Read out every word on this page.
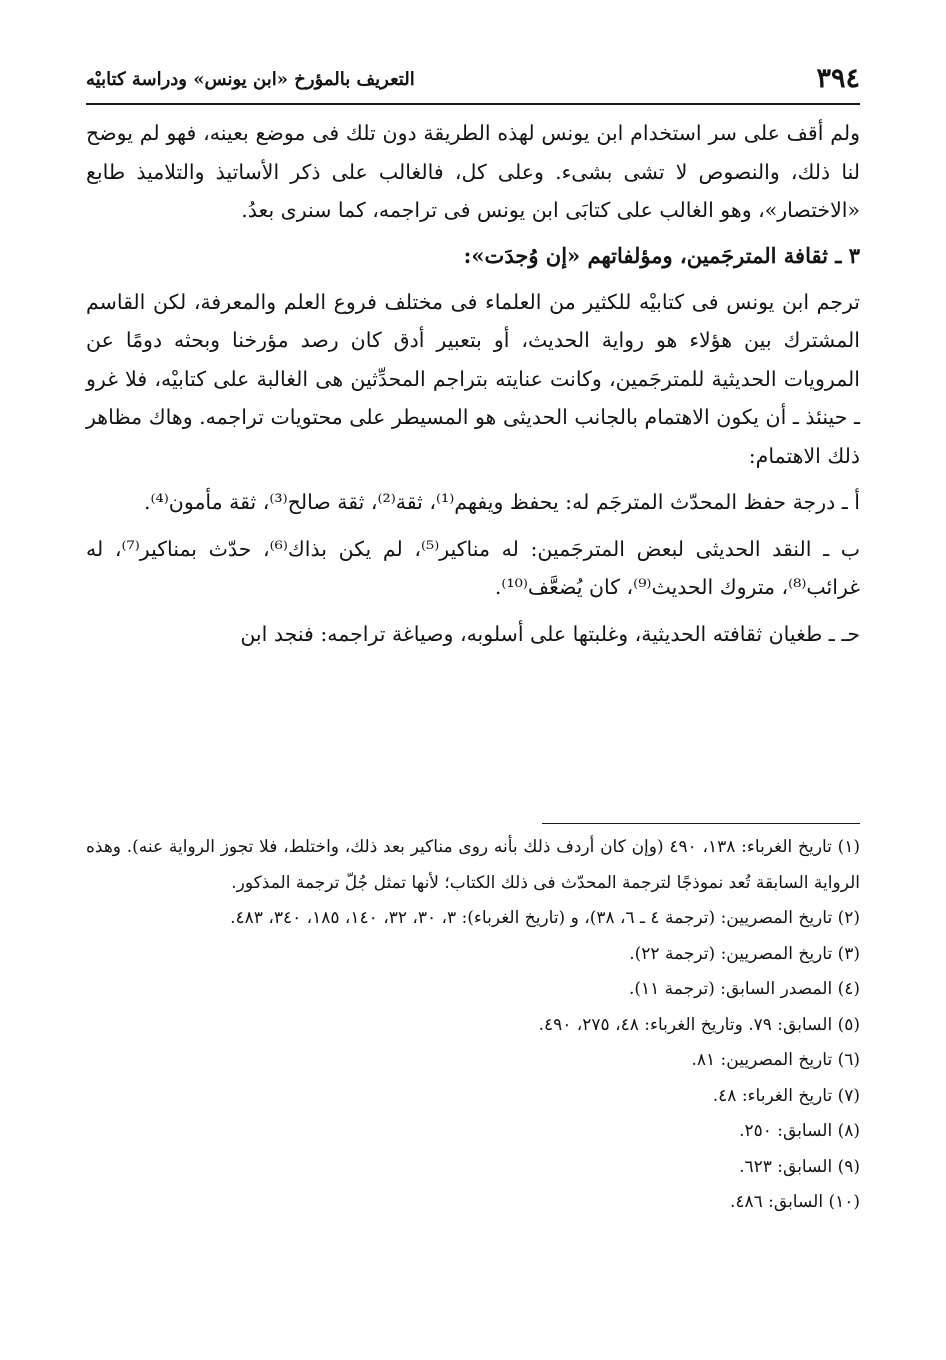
٣٩٤
التعريف بالمؤرخ «ابن يونس» ودراسة كتابيْه

ولم أقف على سر استخدام ابن يونس لهذه الطريقة دون تلك فى موضع بعينه، فهو لم يوضح لنا ذلك، والنصوص لا تشى بشىء. وعلى كل، فالغالب على ذكر الأساتيذ والتلاميذ طابع «الاختصار»، وهو الغالب على كتابَى ابن يونس فى تراجمه، كما سنرى بعدُ.

٣ ـ ثقافة المترجَمين، ومؤلفاتهم «إن وُجدَت»:

ترجم ابن يونس فى كتابيْه للكثير من العلماء فى مختلف فروع العلم والمعرفة، لكن القاسم المشترك بين هؤلاء هو رواية الحديث، أو بتعبير أدق كان رصد مؤرخنا وبحثه دومًا عن المرويات الحديثية للمترجَمين، وكانت عنايته بتراجم المحدِّثين هى الغالبة على كتابيْه، فلا غرو ـ حينئذ ـ أن يكون الاهتمام بالجانب الحديثى هو المسيطر على محتويات تراجمه. وهاك مظاهر ذلك الاهتمام:

أ ـ درجة حفظ المحدّث المترجَم له: يحفظ ويفهم⁽¹⁾، ثقة⁽²⁾، ثقة صالح⁽³⁾، ثقة مأمون⁽⁴⁾.

ب ـ النقد الحديثى لبعض المترجَمين: له مناكير⁽⁵⁾، لم يكن بذاك⁽⁶⁾، حدّث بمناكير⁽⁷⁾، له غرائب⁽⁸⁾، متروك الحديث⁽⁹⁾، كان يُضعَّف⁽¹⁰⁾.

حـ ـ طغيان ثقافته الحديثية، وغلبتها على أسلوبه، وصياغة تراجمه: فنجد ابن

(١) تاريخ الغرباء: ١٣٨، ٤٩٠ (وإن كان أردف ذلك بأنه روى مناكير بعد ذلك، واختلط، فلا تجوز الرواية عنه). وهذه الرواية السابقة تُعد نموذجًا لترجمة المحدّث فى ذلك الكتاب؛ لأنها تمثل جُلّ ترجمة المذكور.

(٢) تاريخ المصريين: (ترجمة ٤ ـ ٦، ٣٨)، و (تاريخ الغرباء): ٣، ٣٠، ٣٢، ١٤٠، ١٨٥، ٣٤٠، ٤٨٣.

(٣) تاريخ المصريين: (ترجمة ٢٢).

(٤) المصدر السابق: (ترجمة ١١).

(٥) السابق: ٧٩. وتاريخ الغرباء: ٤٨، ٢٧٥، ٤٩٠.

(٦) تاريخ المصريين: ٨١.

(٧) تاريخ الغرباء: ٤٨.

(٨) السابق: ٢٥٠.

(٩) السابق: ٦٢٣.

(١٠) السابق: ٤٨٦.
